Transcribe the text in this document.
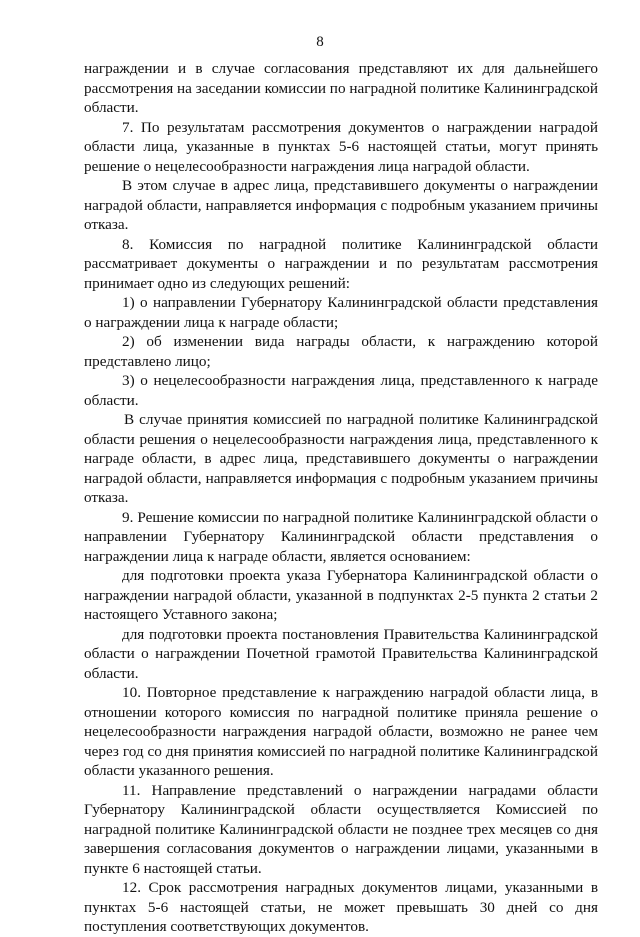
8

награждении и в случае согласования представляют их для дальнейшего рассмотрения на заседании комиссии по наградной политике Калининградской области.

7. По результатам рассмотрения документов о награждении наградой области лица, указанные в пунктах 5-6 настоящей статьи, могут принять решение о нецелесообразности награждения лица наградой области.

В этом случае в адрес лица, представившего документы о награждении наградой области, направляется информация с подробным указанием причины отказа.

8. Комиссия по наградной политике Калининградской области рассматривает документы о награждении и по результатам рассмотрения принимает одно из следующих решений:

1) о направлении Губернатору Калининградской области представления о награждении лица к награде области;

2) об изменении вида награды области, к награждению которой представлено лицо;

3) о нецелесообразности награждения лица, представленного к награде области.

В случае принятия комиссией по наградной политике Калининградской области решения о нецелесообразности награждения лица, представленного к награде области, в адрес лица, представившего документы о награждении наградой области, направляется информация с подробным указанием причины отказа.

9. Решение комиссии по наградной политике Калининградской области о направлении Губернатору Калининградской области представления о награждении лица к награде области, является основанием:

для подготовки проекта указа Губернатора Калининградской области о награждении наградой области, указанной в подпунктах 2-5 пункта 2 статьи 2 настоящего Уставного закона;

для подготовки проекта постановления Правительства Калининградской области о награждении Почетной грамотой Правительства Калининградской области.

10. Повторное представление к награждению наградой области лица, в отношении которого комиссия по наградной политике приняла решение о нецелесообразности награждения наградой области, возможно не ранее чем через год со дня принятия комиссией по наградной политике Калининградской области указанного решения.

11. Направление представлений о награждении наградами области Губернатору Калининградской области осуществляется Комиссией по наградной политике Калининградской области не позднее трех месяцев со дня завершения согласования документов о награждении лицами, указанными в пункте 6 настоящей статьи.

12. Срок рассмотрения наградных документов лицами, указанными в пунктах 5-6 настоящей статьи, не может превышать 30 дней со дня поступления соответствующих документов.
